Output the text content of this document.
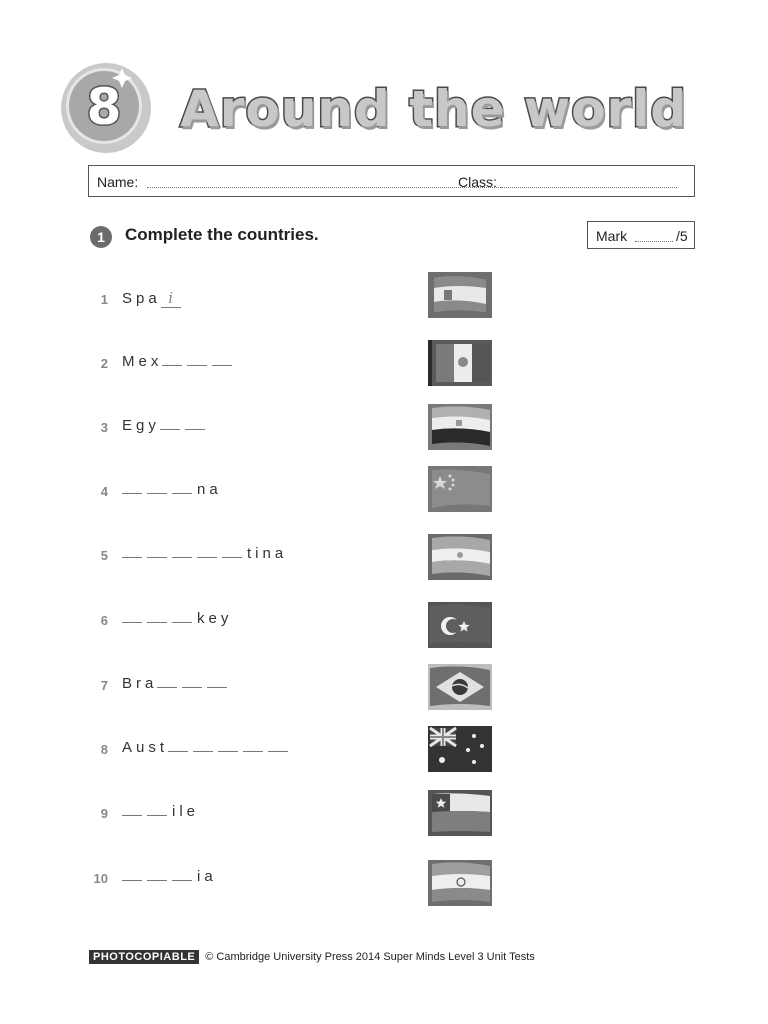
8 Around the world
Name:	Class:
1	Complete the countries.	Mark	/5
1 Spa i
2 Mex
3 Egy
4	na
5	tina
6	key
7 Bra
8 Aust
9	ile
10	ia
PHOTOCOPIABLE © Cambridge University Press 2014 Super Minds Level 3 Unit Tests
